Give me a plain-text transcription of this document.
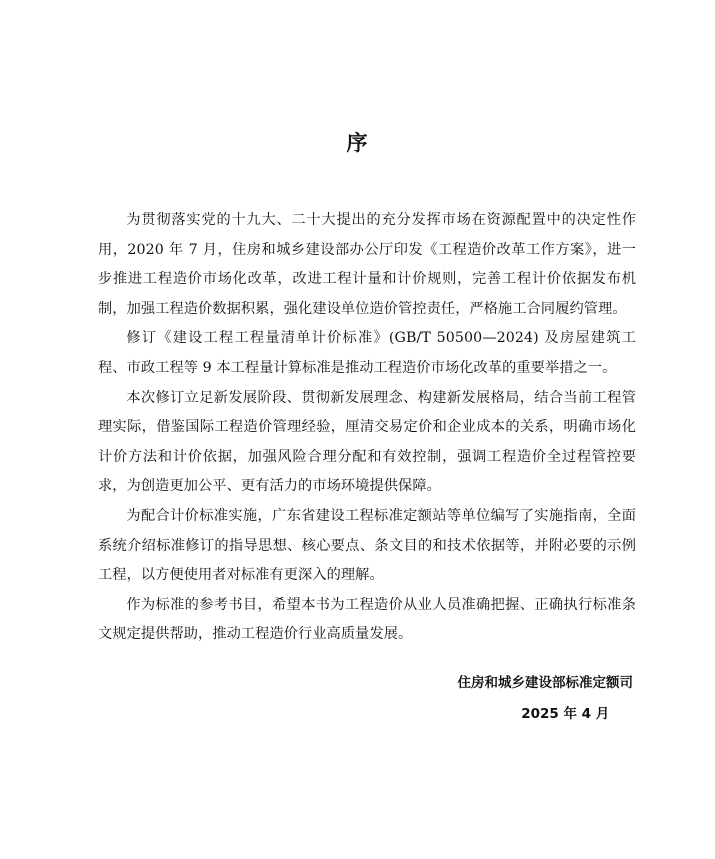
序

为贯彻落实党的十九大、二十大提出的充分发挥市场在资源配置中的决定性作用，2020 年 7 月，住房和城乡建设部办公厅印发《工程造价改革工作方案》，进一步推进工程造价市场化改革，改进工程计量和计价规则，完善工程计价依据发布机制，加强工程造价数据积累，强化建设单位造价管控责任，严格施工合同履约管理。

修订《建设工程工程量清单计价标准》(GB/T 50500—2024) 及房屋建筑工程、市政工程等 9 本工程量计算标准是推动工程造价市场化改革的重要举措之一。

本次修订立足新发展阶段、贯彻新发展理念、构建新发展格局，结合当前工程管理实际，借鉴国际工程造价管理经验，厘清交易定价和企业成本的关系，明确市场化计价方法和计价依据，加强风险合理分配和有效控制，强调工程造价全过程管控要求，为创造更加公平、更有活力的市场环境提供保障。

为配合计价标准实施，广东省建设工程标准定额站等单位编写了实施指南，全面系统介绍标准修订的指导思想、核心要点、条文目的和技术依据等，并附必要的示例工程，以方便使用者对标准有更深入的理解。

作为标准的参考书目，希望本书为工程造价从业人员准确把握、正确执行标准条文规定提供帮助，推动工程造价行业高质量发展。

住房和城乡建设部标准定额司
2025 年 4 月
